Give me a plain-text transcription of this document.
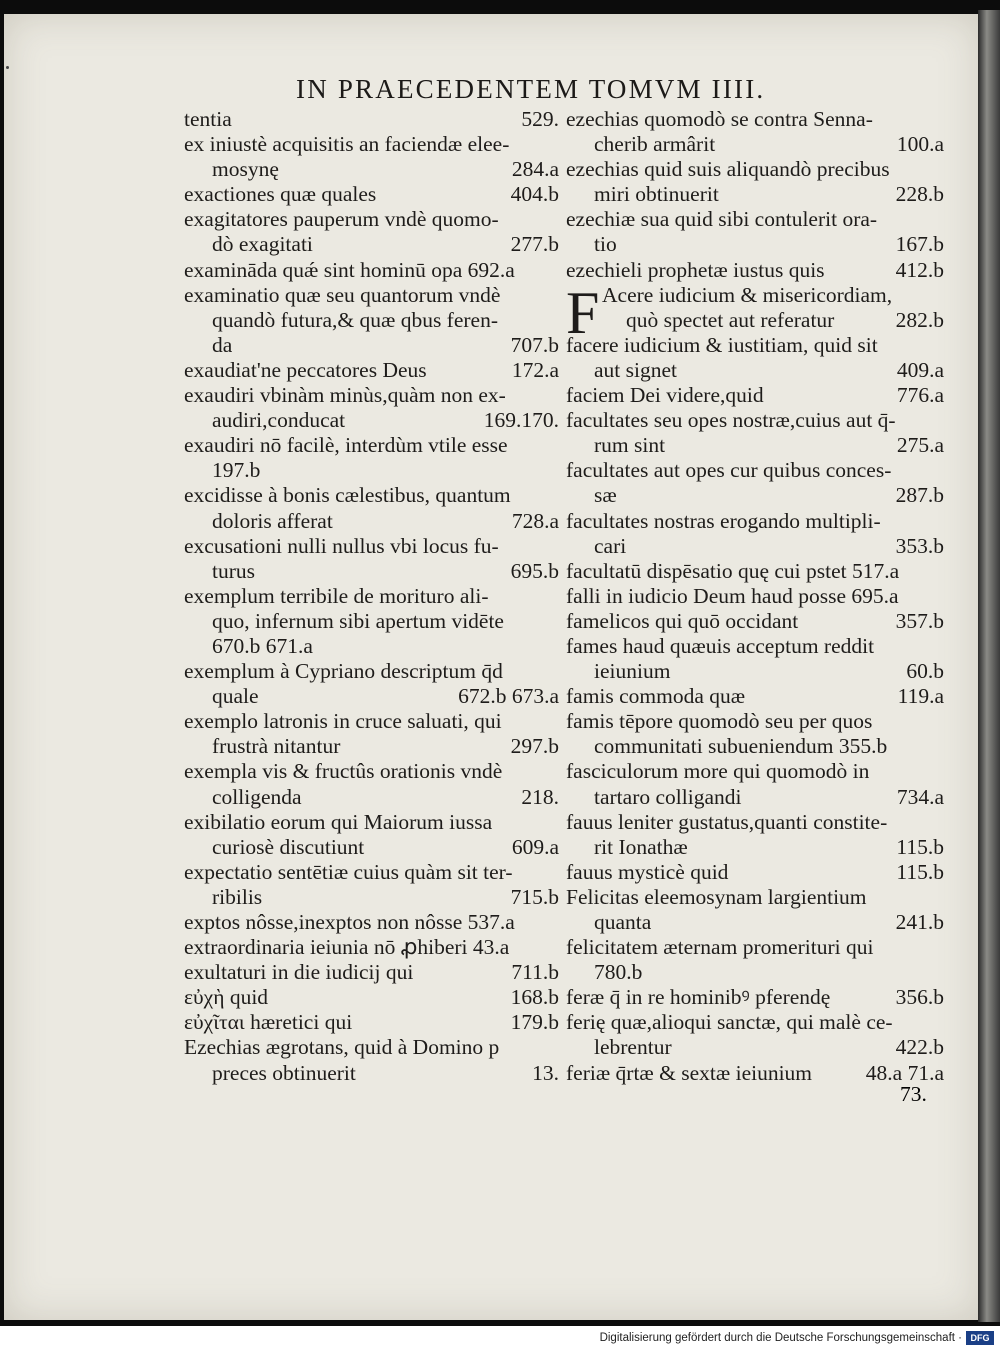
IN PRAECEDENTEM TOMVM IIII.
tentia	529.
ex iniustè acquisitis an faciendæ elee-
mosynę	284.a
exactiones quæ quales	404.b
exagitatores pauperum vndè quomo-
dò exagitati	277.b
examināda quǽ sint hominū opa 692.a
examinatio quæ seu quantorum vndè
quandò futura,& quæ qbus feren-
da	707.b
exaudiat'ne peccatores Deus	172.a
exaudiri vbinàm minùs,quàm non ex-
audiri,conducat	169.170.
exaudiri nō facilè, interdùm vtile esse
197.b
excidisse à bonis cælestibus, quantum
doloris afferat	728.a
excusationi nulli nullus vbi locus fu-
turus	695.b
exemplum terribile de morituro ali-
quo, infernum sibi apertum vidēte
670.b 671.a
exemplum à Cypriano descriptum q̄d
quale	672.b 673.a
exemplo latronis in cruce saluati, qui
frustrà nitantur	297.b
exempla vis & fructûs orationis vndè
colligenda	218.
exibilatio eorum qui Maiorum iussa
curiosè discutiunt	609.a
expectatio sentētiæ cuius quàm sit ter-
ribilis	715.b
exptos nôsse,inexptos non nôsse 537.a
extraordinaria ieiunia nō ꝓhiberi 43.a
exultaturi in die iudicij qui	711.b
εὐχὴ quid	168.b
εὐχῖται hæretici qui	179.b
Ezechias ægrotans, quid à Domino p
preces obtinuerit	13.
ezechias quomodò se contra Senna-
cherib armârit	100.a
ezechias quid suis aliquandò precibus
miri obtinuerit	228.b
ezechiæ sua quid sibi contulerit ora-
tio	167.b
ezechieli prophetæ iustus quis	412.b
F Acere iudicium & misericordiam,
quò spectet aut referatur	282.b
facere iudicium & iustitiam, quid sit
aut signet	409.a
faciem Dei videre,quid	776.a
facultates seu opes nostræ,cuius aut q̄-
rum sint	275.a
facultates aut opes cur quibus conces-
sæ	287.b
facultates nostras erogando multipli-
cari	353.b
facultatū dispēsatio quę cui pstet 517.a
falli in iudicio Deum haud posse 695.a
famelicos qui quō occidant	357.b
fames haud quæuis acceptum reddit
ieiunium	60.b
famis commoda quæ	119.a
famis tēpore quomodò seu per quos
communitati subueniendum 355.b
fasciculorum more qui quomodò in
tartaro colligandi	734.a
fauus leniter gustatus,quanti constite-
rit Ionathæ	115.b
fauus mysticè quid	115.b
Felicitas eleemosynam largientium
quanta	241.b
felicitatem æternam promerituri qui
780.b
feræ q̄ in re hominibꝰ pferendę	356.b
ferię quæ,alioqui sanctæ, qui malè ce-
lebrentur	422.b
feriæ q̄rtæ & sextæ ieiunium 48.a 71.a
73.
Digitalisierung gefördert durch die Deutsche Forschungsgemeinschaft · DFG
